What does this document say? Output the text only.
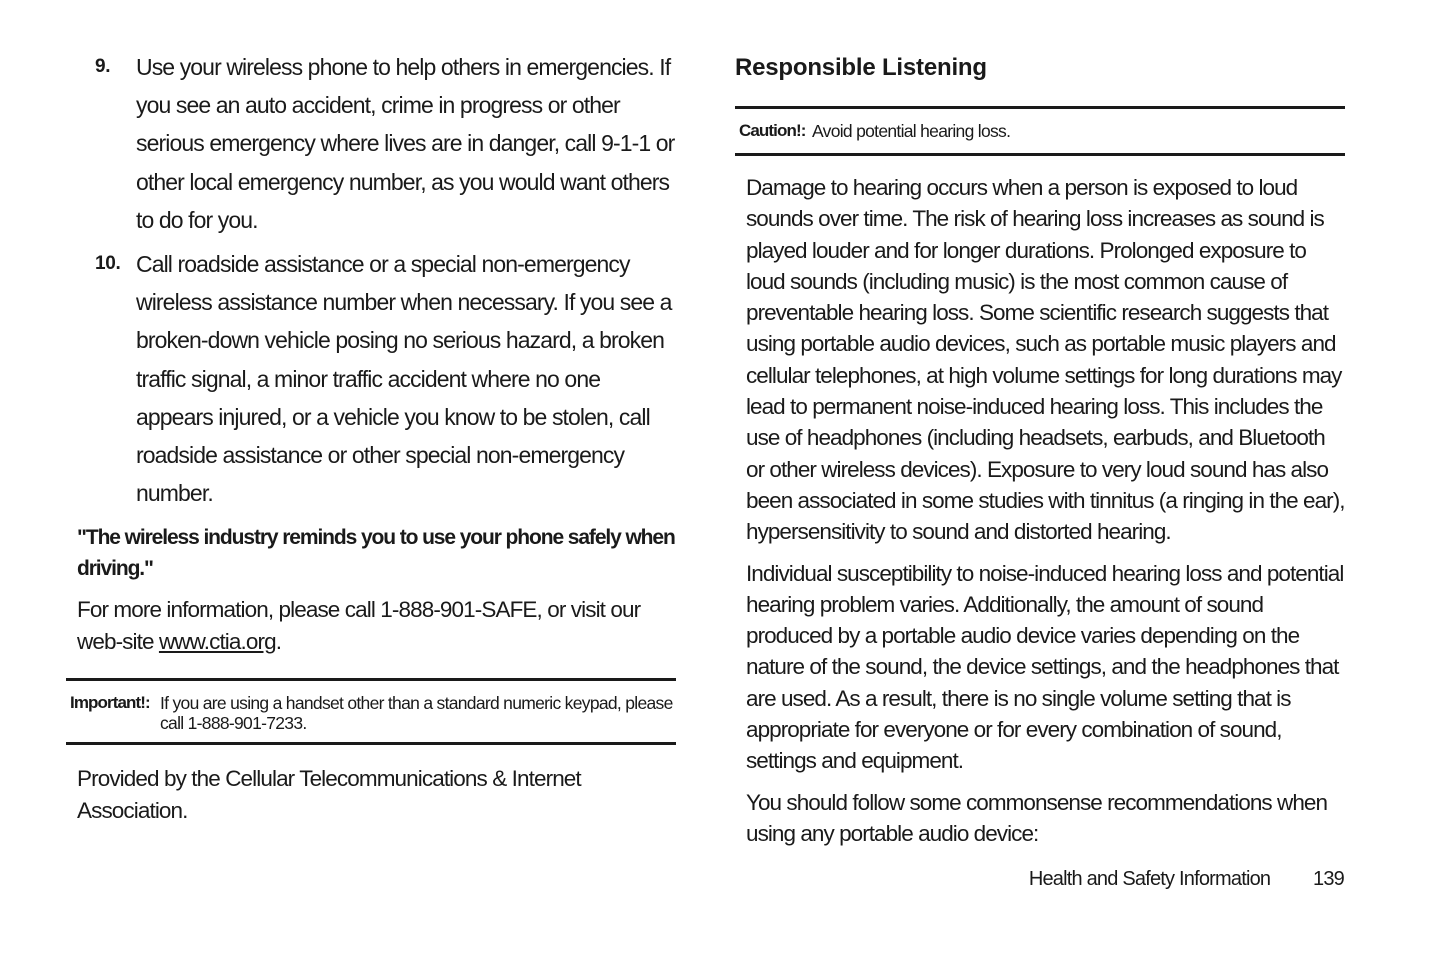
9. Use your wireless phone to help others in emergencies. If you see an auto accident, crime in progress or other serious emergency where lives are in danger, call 9-1-1 or other local emergency number, as you would want others to do for you.
10. Call roadside assistance or a special non-emergency wireless assistance number when necessary. If you see a broken-down vehicle posing no serious hazard, a broken traffic signal, a minor traffic accident where no one appears injured, or a vehicle you know to be stolen, call roadside assistance or other special non-emergency number.
"The wireless industry reminds you to use your phone safely when driving."
For more information, please call 1-888-901-SAFE, or visit our web-site www.ctia.org.
Important!: If you are using a handset other than a standard numeric keypad, please call 1-888-901-7233.
Provided by the Cellular Telecommunications & Internet Association.
Responsible Listening
Caution!: Avoid potential hearing loss.
Damage to hearing occurs when a person is exposed to loud sounds over time. The risk of hearing loss increases as sound is played louder and for longer durations. Prolonged exposure to loud sounds (including music) is the most common cause of preventable hearing loss. Some scientific research suggests that using portable audio devices, such as portable music players and cellular telephones, at high volume settings for long durations may lead to permanent noise-induced hearing loss. This includes the use of headphones (including headsets, earbuds, and Bluetooth or other wireless devices). Exposure to very loud sound has also been associated in some studies with tinnitus (a ringing in the ear), hypersensitivity to sound and distorted hearing.
Individual susceptibility to noise-induced hearing loss and potential hearing problem varies. Additionally, the amount of sound produced by a portable audio device varies depending on the nature of the sound, the device settings, and the headphones that are used. As a result, there is no single volume setting that is appropriate for everyone or for every combination of sound, settings and equipment.
You should follow some commonsense recommendations when using any portable audio device:
Health and Safety Information 139
